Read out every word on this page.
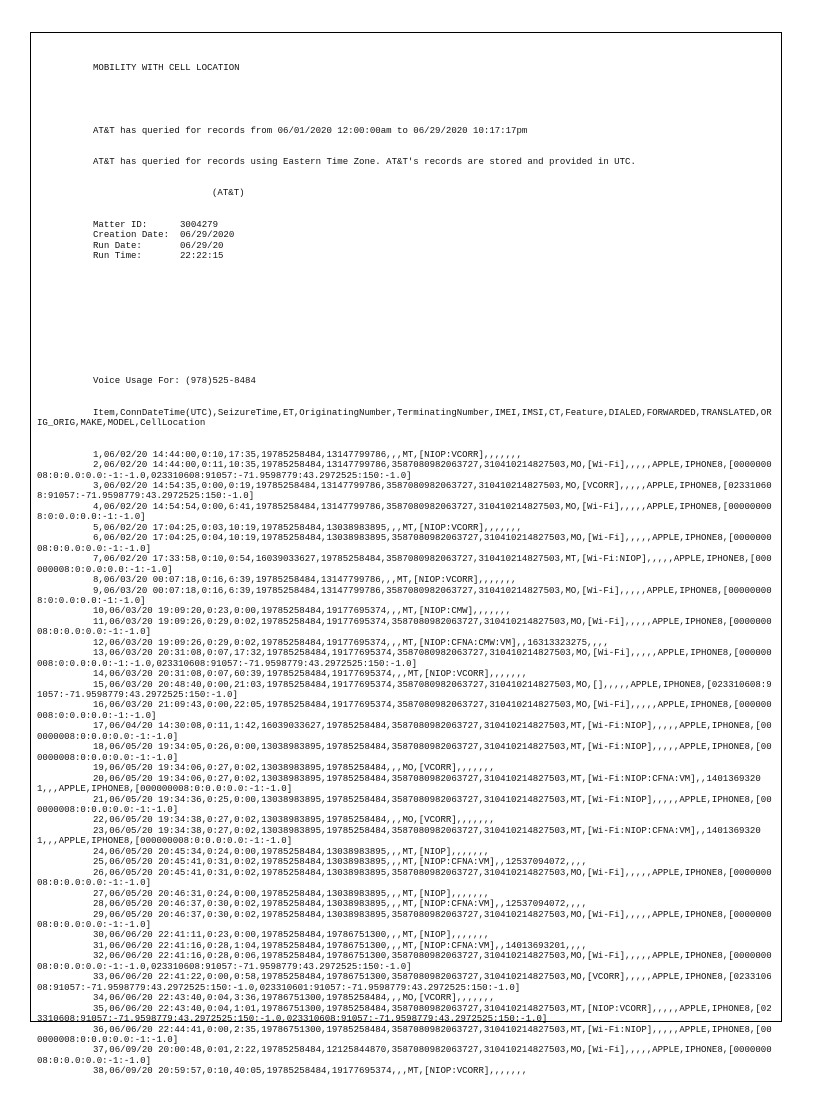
MOBILITY WITH CELL LOCATION

AT&T has queried for records from 06/01/2020 12:00:00am to 06/29/2020 10:17:17pm

AT&T has queried for records using Eastern Time Zone. AT&T's records are stored and provided in UTC.

(AT&T)

Matter ID:	3004279
Creation Date: 06/29/2020
Run Date:	06/29/20
Run Time:	22:22:15

Voice Usage For: (978)525-8484

Item,ConnDateTime(UTC),SeizureTime,ET,OriginatingNumber,TerminatingNumber,IMEI,IMSI,CT,Feature,DIALED,FORWARDED,TRANSLATED,ORIG_ORIG,MAKE,MODEL,CellLocation

1,06/02/20 14:44:00,0:10,17:35,19785258484,13147799786,,,MT,[NIOP:VCORR],,,,,,,
2,06/02/20 14:44:00,0:11,10:35,19785258484,13147799786,3587080982063727,310410214827503,MO,[Wi-Fi],,,,,APPLE,IPHONE8,[000000008:0:0.0:0.0:-1:-1.0,023310608:91057:-71.9598779:43.2972525:150:-1.0]
3,06/02/20 14:54:35,0:00,0:19,19785258484,13147799786,3587080982063727,310410214827503,MO,[VCORR],,,,,APPLE,IPHONE8,[023310608:91057:-71.9598779:43.2972525:150:-1.0]
4,06/02/20 14:54:54,0:00,6:41,19785258484,13147799786,3587080982063727,310410214827503,MO,[Wi-Fi],,,,,APPLE,IPHONE8,[000000008:0:0.0:0.0:-1:-1.0]
5,06/02/20 17:04:25,0:03,10:19,19785258484,13038983895,,,MT,[NIOP:VCORR],,,,,,,
6,06/02/20 17:04:25,0:04,10:19,19785258484,13038983895,3587080982063727,310410214827503,MO,[Wi-Fi],,,,,APPLE,IPHONE8,[000000008:0:0.0:0.0:-1:-1.0]
7,06/02/20 17:33:58,0:10,0:54,16039033627,19785258484,3587080982063727,310410214827503,MT,[Wi-Fi:NIOP],,,,,APPLE,IPHONE8,[000000008:0:0.0:0.0:-1:-1.0]
8,06/03/20 00:07:18,0:16,6:39,19785258484,13147799786,,,MT,[NIOP:VCORR],,,,,,,
9,06/03/20 00:07:18,0:16,6:39,19785258484,13147799786,3587080982063727,310410214827503,MO,[Wi-Fi],,,,,APPLE,IPHONE8,[000000008:0:0.0:0.0:-1:-1.0]
10,06/03/20 19:09:20,0:23,0:00,19785258484,19177695374,,,MT,[NIOP:CMW],,,,,,,
11,06/03/20 19:09:26,0:29,0:02,19785258484,19177695374,3587080982063727,310410214827503,MO,[Wi-Fi],,,,,APPLE,IPHONE8,[000000008:0:0.0:0.0:-1:-1.0]
12,06/03/20 19:09:26,0:29,0:02,19785258484,19177695374,,,MT,[NIOP:CFNA:CMW:VM],,16313323275,,,,
13,06/03/20 20:31:08,0:07,17:32,19785258484,19177695374,3587080982063727,310410214827503,MO,[Wi-Fi],,,,,APPLE,IPHONE8,[000000008:0:0.0:0.0:-1:-1.0,023310608:91057:-71.9598779:43.2972525:150:-1.0]
14,06/03/20 20:31:08,0:07,60:39,19785258484,19177695374,,,MT,[NIOP:VCORR],,,,,,,
15,06/03/20 20:48:40,0:00,21:03,19785258484,19177695374,3587080982063727,310410214827503,MO,[],,,,,APPLE,IPHONE8,[023310608:91057:-71.9598779:43.2972525:150:-1.0]
16,06/03/20 21:09:43,0:00,22:05,19785258484,19177695374,3587080982063727,310410214827503,MO,[Wi-Fi],,,,,APPLE,IPHONE8,[000000008:0:0.0:0.0:-1:-1.0]
17,06/04/20 14:30:08,0:11,1:42,16039033627,19785258484,3587080982063727,310410214827503,MT,[Wi-Fi:NIOP],,,,,APPLE,IPHONE8,[000000008:0:0.0:0.0:-1:-1.0]
18,06/05/20 19:34:05,0:26,0:00,13038983895,19785258484,3587080982063727,310410214827503,MT,[Wi-Fi:NIOP],,,,,APPLE,IPHONE8,[000000008:0:0.0:0.0:-1:-1.0]
19,06/05/20 19:34:06,0:27,0:02,13038983895,19785258484,,,MO,[VCORR],,,,,,,
20,06/05/20 19:34:06,0:27,0:02,13038983895,19785258484,3587080982063727,310410214827503,MT,[Wi-Fi:NIOP:CFNA:VM],,14013693201,,,APPLE,IPHONE8,[000000008:0:0.0:0.0:-1:-1.0]
21,06/05/20 19:34:36,0:25,0:00,13038983895,19785258484,3587080982063727,310410214827503,MT,[Wi-Fi:NIOP],,,,,APPLE,IPHONE8,[000000008:0:0.0:0.0:-1:-1.0]
22,06/05/20 19:34:38,0:27,0:02,13038983895,19785258484,,,MO,[VCORR],,,,,,,
23,06/05/20 19:34:38,0:27,0:02,13038983895,19785258484,3587080982063727,310410214827503,MT,[Wi-Fi:NIOP:CFNA:VM],,14013693201,,,APPLE,IPHONE8,[000000008:0:0.0:0.0:-1:-1.0]
24,06/05/20 20:45:34,0:24,0:00,19785258484,13038983895,,,MT,[NIOP],,,,,,,
25,06/05/20 20:45:41,0:31,0:02,19785258484,13038983895,,,MT,[NIOP:CFNA:VM],,12537094072,,,,
26,06/05/20 20:45:41,0:31,0:02,19785258484,13038983895,3587080982063727,310410214827503,MO,[Wi-Fi],,,,,APPLE,IPHONE8,[000000008:0:0.0:0.0:-1:-1.0]
27,06/05/20 20:46:31,0:24,0:00,19785258484,13038983895,,,MT,[NIOP],,,,,,,
28,06/05/20 20:46:37,0:30,0:02,19785258484,13038983895,,,MT,[NIOP:CFNA:VM],,12537094072,,,,
29,06/05/20 20:46:37,0:30,0:02,19785258484,13038983895,3587080982063727,310410214827503,MO,[Wi-Fi],,,,,APPLE,IPHONE8,[000000008:0:0.0:0.0:-1:-1.0]
30,06/06/20 22:41:11,0:23,0:00,19785258484,19786751300,,,MT,[NIOP],,,,,,,
31,06/06/20 22:41:16,0:28,1:04,19785258484,19786751300,,,MT,[NIOP:CFNA:VM],,14013693201,,,,
32,06/06/20 22:41:16,0:28,0:06,19785258484,19786751300,3587080982063727,310410214827503,MO,[Wi-Fi],,,,,APPLE,IPHONE8,[000000008:0:0.0:0.0:-1:-1.0,023310608:91057:-71.9598779:43.2972525:150:-1.0]
33,06/06/20 22:41:22,0:00,0:58,19785258484,19786751300,3587080982063727,310410214827503,MO,[VCORR],,,,,APPLE,IPHONE8,[023310608:91057:-71.9598779:43.2972525:150:-1.0,023310601:91057:-71.9598779:43.2972525:150:-1.0]
34,06/06/20 22:43:40,0:04,3:36,19786751300,19785258484,,,MO,[VCORR],,,,,,,
35,06/06/20 22:43:40,0:04,1:01,19786751300,19785258484,3587080982063727,310410214827503,MT,[NIOP:VCORR],,,,,APPLE,IPHONE8,[023310608:91057:-71.9598779:43.2972525:150:-1.0,023310608:91057:-71.9598779:43.2972525:150:-1.0]
36,06/06/20 22:44:41,0:00,2:35,19786751300,19785258484,3587080982063727,310410214827503,MT,[Wi-Fi:NIOP],,,,,APPLE,IPHONE8,[000000008:0:0.0:0.0:-1:-1.0]
37,06/09/20 20:00:48,0:01,2:22,19785258484,12125844870,3587080982063727,310410214827503,MO,[Wi-Fi],,,,,APPLE,IPHONE8,[000000008:0:0.0:0.0:-1:-1.0]
38,06/09/20 20:59:57,0:10,40:05,19785258484,19177695374,,,MT,[NIOP:VCORR],,,,,,,
